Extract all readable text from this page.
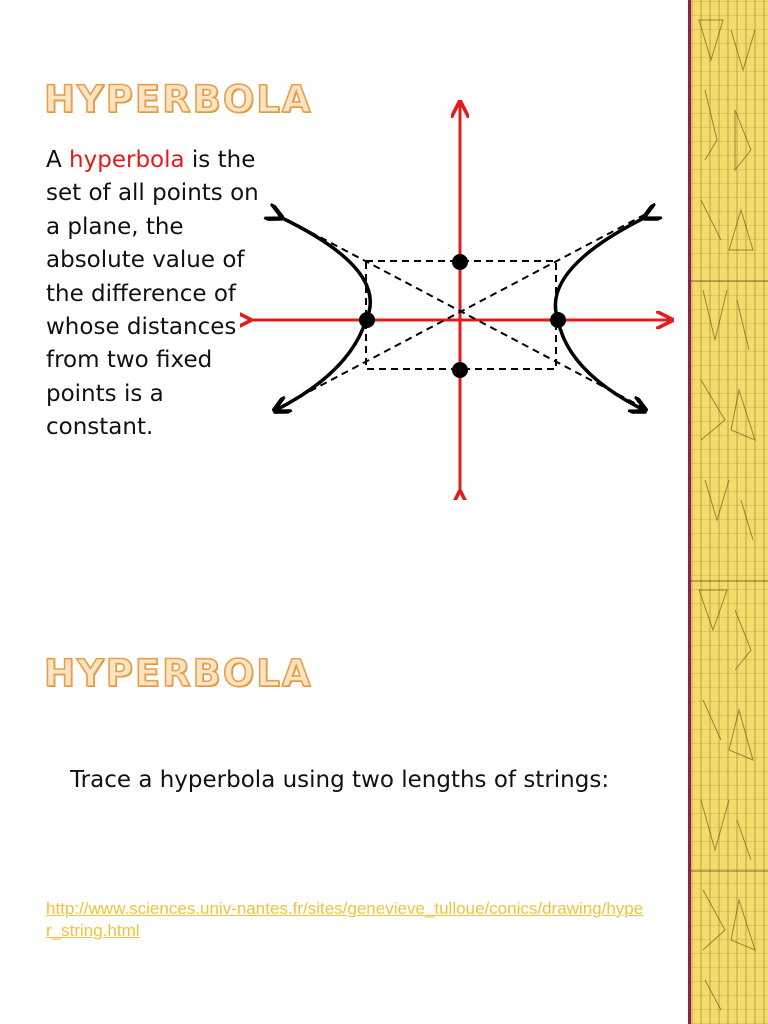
HYPERBOLA

A hyperbola is the set of all points on a plane, the absolute value of the difference of whose distances from two fixed points is a constant.

HYPERBOLA

Trace a hyperbola using two lengths of strings:

http://www.sciences.univ-nantes.fr/sites/genevieve_tulloue/conics/drawing/hyper_string.html
